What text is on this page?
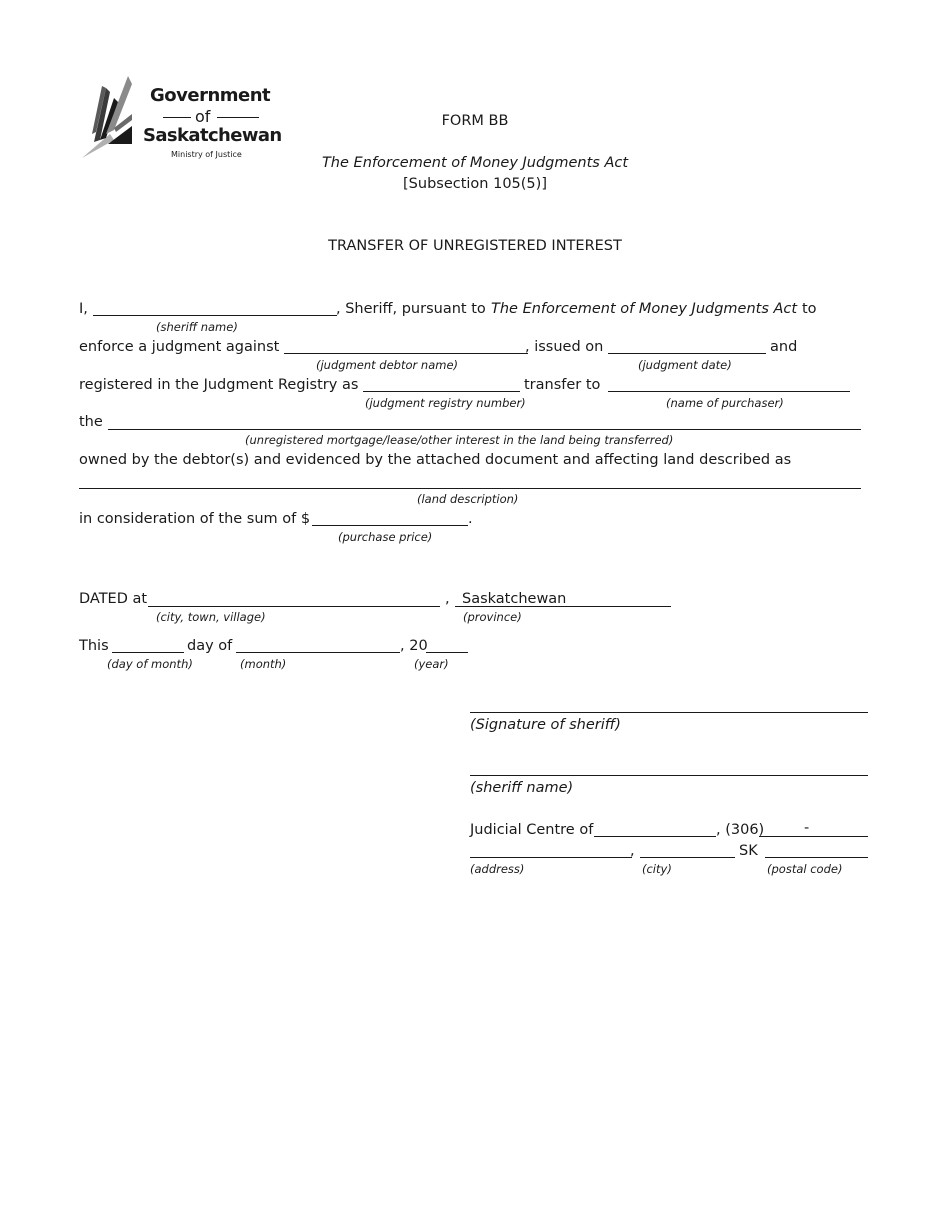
Government
of
Saskatchewan
Ministry of Justice
FORM BB
The Enforcement of Money Judgments Act
[Subsection 105(5)]
TRANSFER OF UNREGISTERED INTEREST
I,	, Sheriff, pursuant to The Enforcement of Money Judgments Act to
(sheriff name)
enforce a judgment against	, issued on	and
(judgment debtor name)	(judgment date)
registered in the Judgment Registry as	transfer to
(judgment registry number)	(name of purchaser)
the
(unregistered mortgage/lease/other interest in the land being transferred)
owned by the debtor(s) and evidenced by the attached document and affecting land described as
(land description)
in consideration of the sum of $	.
(purchase price)
DATED at	, Saskatchewan
(city, town, village)	(province)
This	day of	, 20
(day of month)	(month)	(year)
(Signature of sheriff)
(sheriff name)
Judicial Centre of	, (306)	-
,	SK
(address)	(city)	(postal code)
